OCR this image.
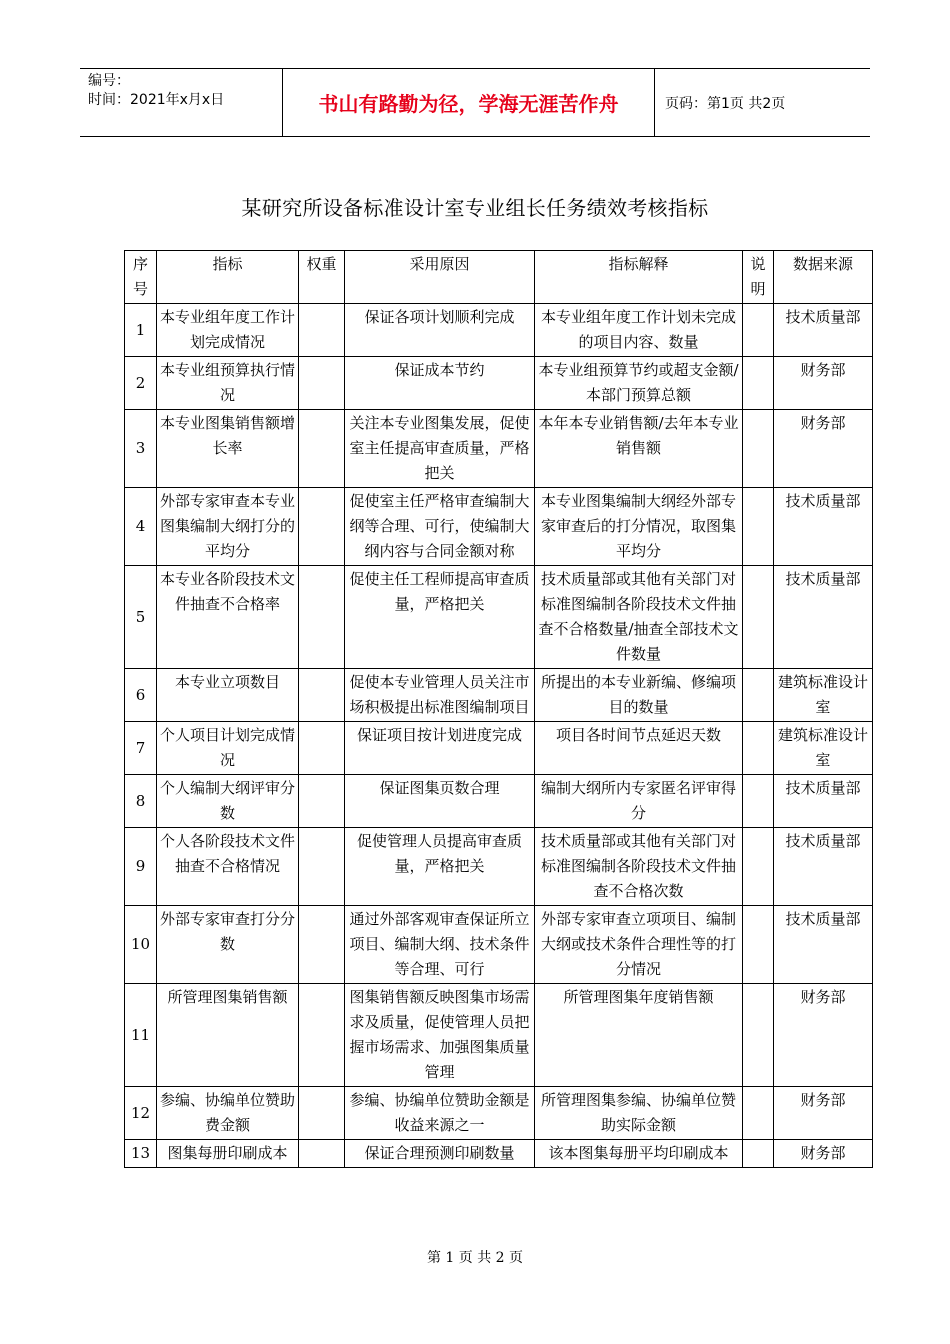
编号：
时间：2021年x月x日	书山有路勤为径，学海无涯苦作舟	页码：第1页 共2页
某研究所设备标准设计室专业组长任务绩效考核指标
序号	指标	权重	采用原因	指标解释	说明	数据来源
1	本专业组年度工作计划完成情况		保证各项计划顺利完成	本专业组年度工作计划未完成的项目内容、数量		技术质量部
2	本专业组预算执行情况		保证成本节约	本专业组预算节约或超支金额/本部门预算总额		财务部
3	本专业图集销售额增长率		关注本专业图集发展，促使室主任提高审查质量，严格把关	本年本专业销售额/去年本专业销售额		财务部
4	外部专家审查本专业图集编制大纲打分的平均分		促使室主任严格审查编制大纲等合理、可行，使编制大纲内容与合同金额对称	本专业图集编制大纲经外部专家审查后的打分情况，取图集平均分		技术质量部
5	本专业各阶段技术文件抽查不合格率		促使主任工程师提高审查质量，严格把关	技术质量部或其他有关部门对标准图编制各阶段技术文件抽查不合格数量/抽查全部技术文件数量		技术质量部
6	本专业立项数目		促使本专业管理人员关注市场积极提出标准图编制项目	所提出的本专业新编、修编项目的数量		建筑标准设计室
7	个人项目计划完成情况		保证项目按计划进度完成	项目各时间节点延迟天数		建筑标准设计室
8	个人编制大纲评审分数		保证图集页数合理	编制大纲所内专家匿名评审得分		技术质量部
9	个人各阶段技术文件抽查不合格情况		促使管理人员提高审查质量，严格把关	技术质量部或其他有关部门对标准图编制各阶段技术文件抽查不合格次数		技术质量部
10	外部专家审查打分分数		通过外部客观审查保证所立项目、编制大纲、技术条件等合理、可行	外部专家审查立项项目、编制大纲或技术条件合理性等的打分情况		技术质量部
11	所管理图集销售额		图集销售额反映图集市场需求及质量，促使管理人员把握市场需求、加强图集质量管理	所管理图集年度销售额		财务部
12	参编、协编单位赞助费金额		参编、协编单位赞助金额是收益来源之一	所管理图集参编、协编单位赞助实际金额		财务部
13	图集每册印刷成本		保证合理预测印刷数量	该本图集每册平均印刷成本		财务部
第 1 页 共 2 页
